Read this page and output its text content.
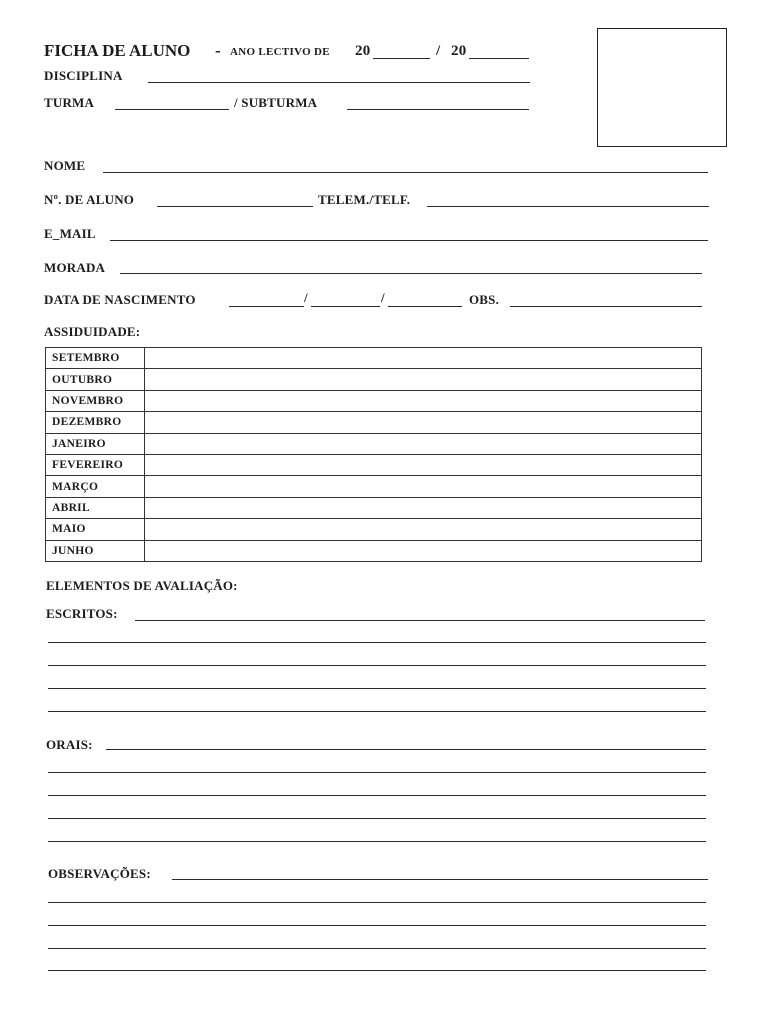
FICHA DE ALUNO - ANO LECTIVO DE 20	/ 20
DISCIPLINA
TURMA	/ SUBTURMA
NOME
Nº. DE ALUNO	TELEM./TELF.
E_MAIL
MORADA
DATA DE NASCIMENTO	/	/	OBS.
ASSIDUIDADE:
SETEMBRO	
OUTUBRO	
NOVEMBRO	
DEZEMBRO	
JANEIRO	
FEVEREIRO	
MARÇO	
ABRIL	
MAIO	
JUNHO	
ELEMENTOS DE AVALIAÇÃO:
ESCRITOS:
ORAIS:
OBSERVAÇÕES:
